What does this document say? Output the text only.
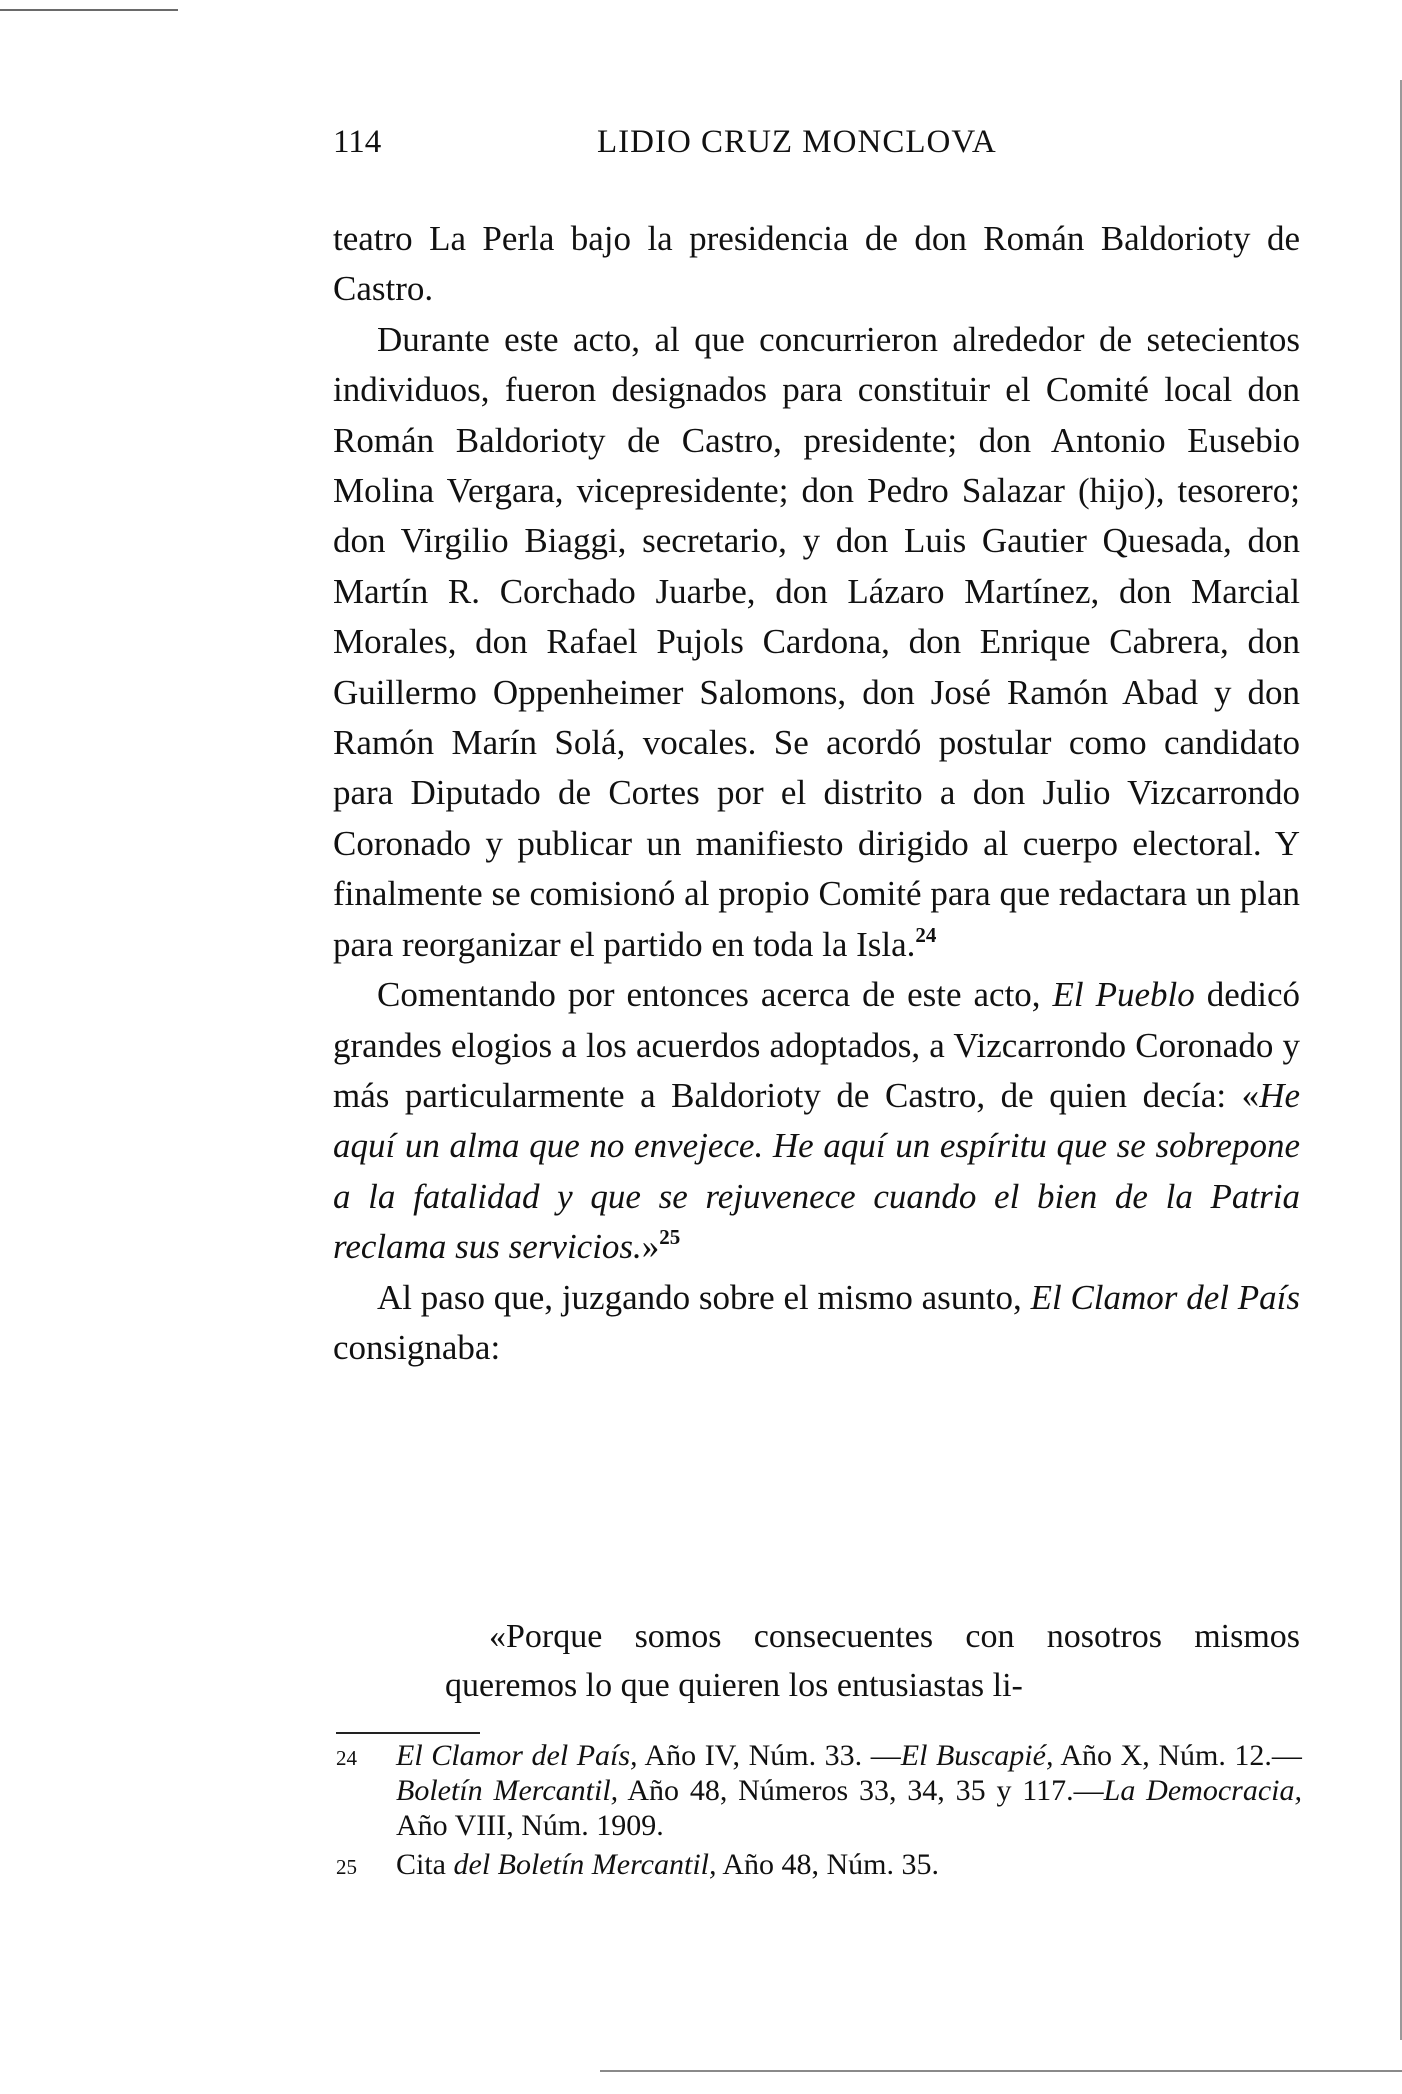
114	LIDIO CRUZ MONCLOVA

teatro La Perla bajo la presidencia de don Román Baldorioty de Castro.

Durante este acto, al que concurrieron alrededor de setecientos individuos, fueron designados para constituir el Comité local don Román Baldorioty de Castro, presidente; don Antonio Eusebio Molina Vergara, vicepresidente; don Pedro Salazar (hijo), tesorero; don Virgilio Biaggi, secretario, y don Luis Gautier Quesada, don Martín R. Corchado Juarbe, don Lázaro Martínez, don Marcial Morales, don Rafael Pujols Cardona, don Enrique Cabrera, don Guillermo Oppenheimer Salomons, don José Ramón Abad y don Ramón Marín Solá, vocales. Se acordó postular como candidato para Diputado de Cortes por el distrito a don Julio Vizcarrondo Coronado y publicar un manifiesto dirigido al cuerpo electoral. Y finalmente se comisionó al propio Comité para que redactara un plan para reorganizar el partido en toda la Isla.$^{24}$

Comentando por entonces acerca de este acto, El Pueblo dedicó grandes elogios a los acuerdos adoptados, a Vizcarrondo Coronado y más particularmente a Baldorioty de Castro, de quien decía: «He aquí un alma que no envejece. He aquí un espíritu que se sobrepone a la fatalidad y que se rejuvenece cuando el bien de la Patria reclama sus servicios.»$^{25}$

Al paso que, juzgando sobre el mismo asunto, El Clamor del País consignaba:

«Porque somos consecuentes con nosotros mismos queremos lo que quieren los entusiastas li-

24	El Clamor del País, Año IV, Núm. 33. —El Buscapié, Año X, Núm. 12.—Boletín Mercantil, Año 48, Números 33, 34, 35 y 117.—La Democracia, Año VIII, Núm. 1909.
25	Cita del Boletín Mercantil, Año 48, Núm. 35.
